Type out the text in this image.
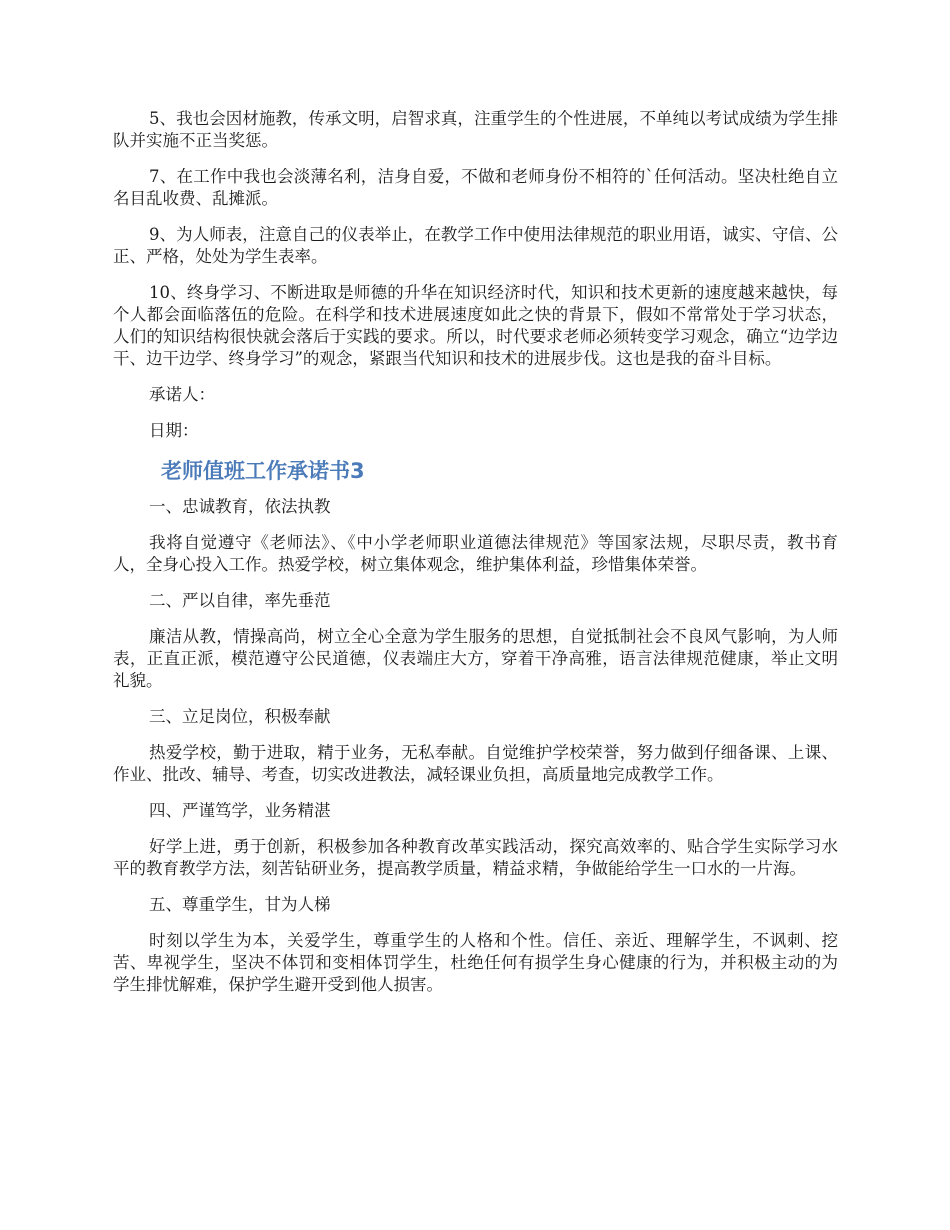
5、我也会因材施教，传承文明，启智求真，注重学生的个性进展，不单纯以考试成绩为学生排队并实施不正当奖惩。

7、在工作中我也会淡薄名利，洁身自爱，不做和老师身份不相符的`任何活动。坚决杜绝自立名目乱收费、乱摊派。

9、为人师表，注意自己的仪表举止，在教学工作中使用法律规范的职业用语，诚实、守信、公正、严格，处处为学生表率。

10、终身学习、不断进取是师德的升华在知识经济时代，知识和技术更新的速度越来越快，每个人都会面临落伍的危险。在科学和技术进展速度如此之快的背景下，假如不常常处于学习状态，人们的知识结构很快就会落后于实践的要求。所以，时代要求老师必须转变学习观念，确立“边学边干、边干边学、终身学习”的观念，紧跟当代知识和技术的进展步伐。这也是我的奋斗目标。

承诺人：

日期：

老师值班工作承诺书3

一、忠诚教育，依法执教

我将自觉遵守《老师法》、《中小学老师职业道德法律规范》等国家法规，尽职尽责，教书育人，全身心投入工作。热爱学校，树立集体观念，维护集体利益，珍惜集体荣誉。

二、严以自律，率先垂范

廉洁从教，情操高尚，树立全心全意为学生服务的思想，自觉抵制社会不良风气影响，为人师表，正直正派，模范遵守公民道德，仪表端庄大方，穿着干净高雅，语言法律规范健康，举止文明礼貌。

三、立足岗位，积极奉献

热爱学校，勤于进取，精于业务，无私奉献。自觉维护学校荣誉，努力做到仔细备课、上课、作业、批改、辅导、考查，切实改进教法，减轻课业负担，高质量地完成教学工作。

四、严谨笃学，业务精湛

好学上进，勇于创新，积极参加各种教育改革实践活动，探究高效率的、贴合学生实际学习水平的教育教学方法，刻苦钻研业务，提高教学质量，精益求精，争做能给学生一口水的一片海。

五、尊重学生，甘为人梯

时刻以学生为本，关爱学生，尊重学生的人格和个性。信任、亲近、理解学生，不讽刺、挖苦、卑视学生，坚决不体罚和变相体罚学生，杜绝任何有损学生身心健康的行为，并积极主动的为学生排忧解难，保护学生避开受到他人损害。
